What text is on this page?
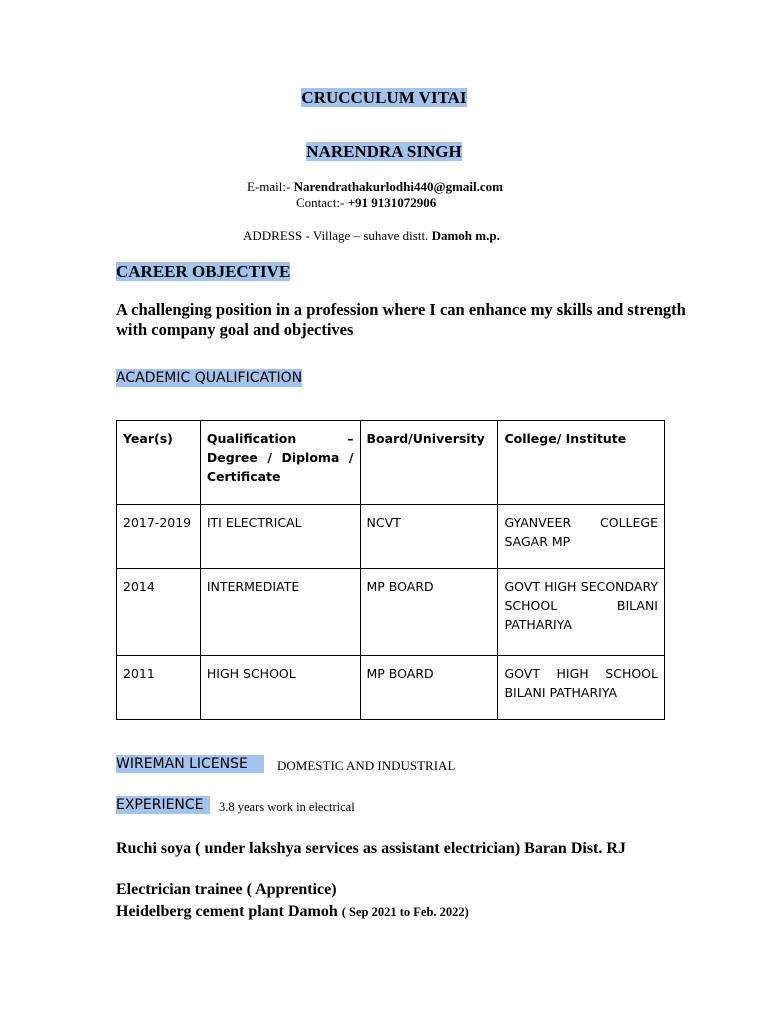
CRUCCULUM VITAI
NARENDRA SINGH
E-mail:- Narendrathakurlodhi440@gmail.com
Contact:- +91 9131072906
ADDRESS - Village – suhave distt. Damoh m.p.
CAREER OBJECTIVE
A challenging position in a profession where I can enhance my skills and strength with company goal and objectives
ACADEMIC QUALIFICATION
Year(s)	Qualification – Degree / Diploma / Certificate	Board/University	College/ Institute
2017-2019	ITI ELECTRICAL	NCVT	GYANVEER COLLEGE SAGAR MP
2014	INTERMEDIATE	MP BOARD	GOVT HIGH SECONDARY SCHOOL BILANI PATHARIYA
2011	HIGH SCHOOL	MP BOARD	GOVT HIGH SCHOOL BILANI PATHARIYA
WIREMAN LICENSE	DOMESTIC AND INDUSTRIAL
EXPERIENCE	3.8 years work in electrical
Ruchi soya ( under lakshya services as assistant electrician) Baran Dist. RJ
Electrician trainee ( Apprentice)
Heidelberg cement plant Damoh ( Sep 2021 to Feb. 2022)
